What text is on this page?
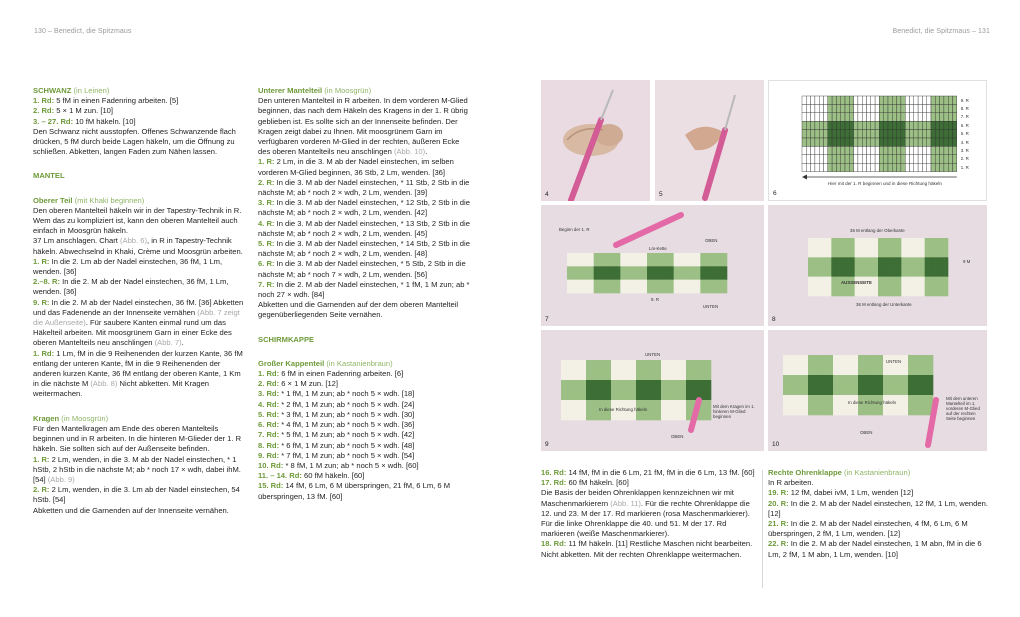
130 – Benedict, die Spitzmaus	Benedict, die Spitzmaus – 131

SCHWANZ (in Leinen)

1. Rd: 5 fM in einen Fadenring arbeiten. [5]

2. Rd: 5 × 1 M zun. [10]

3. – 27. Rd: 10 fM häkeln. [10]

Den Schwanz nicht ausstopfen. Offenes Schwanzende flach drücken, 5 fM durch beide Lagen häkeln, um die Öffnung zu schließen. Abketten, langen Faden zum Nähen lassen.

MANTEL

Oberer Teil (mit Khaki beginnen)

Den oberen Mantelteil häkeln wir in der Tapestry-Technik in R. Wem das zu kompliziert ist, kann den oberen Mantelteil auch einfach in Moosgrün häkeln.

37 Lm anschlagen. Chart (Abb. 6), in R in Tapestry-Technik häkeln. Abwechselnd in Khaki, Crème und Moosgrün arbeiten.

1. R: In die 2. Lm ab der Nadel einstechen, 36 fM, 1 Lm, wenden. [36]

2.–8. R: In die 2. M ab der Nadel einstechen, 36 fM, 1 Lm, wenden. [36]

9. R: In die 2. M ab der Nadel einstechen, 36 fM. [36] Abketten und das Fadenende an der Innenseite vernähen (Abb. 7 zeigt die Außenseite). Für saubere Kanten einmal rund um das Häkelteil arbeiten. Mit moosgrünem Garn in einer Ecke des oberen Mantelteils neu anschlingen (Abb. 7).

1. Rd: 1 Lm, fM in die 9 Reihenenden der kurzen Kante, 36 fM entlang der unteren Kante, fM in die 9 Reihenenden der anderen kurzen Kante, 36 fM entlang der oberen Kante, 1 Km in die nächste M (Abb. 8) Nicht abketten. Mit Kragen weitermachen.

Kragen (in Moosgrün)

Für den Mantelkragen am Ende des oberen Mantelteils beginnen und in R arbeiten. In die hinteren M-Glieder der 1. R häkeln. Sie sollten sich auf der Außenseite befinden.

1. R: 2 Lm, wenden, in die 3. M ab der Nadel einstechen, * 1 hStb, 2 hStb in die nächste M; ab * noch 17 × wdh, dabei ihM. [54] (Abb. 9)

2. R: 2 Lm, wenden, in die 3. Lm ab der Nadel einstechen, 54 hStb. [54]

Abketten und die Garnenden auf der Innenseite vernähen.

Unterer Mantelteil (in Moosgrün)

Den unteren Mantelteil in R arbeiten. In dem vorderen M-Glied beginnen, das nach dem Häkeln des Kragens in der 1. R übrig geblieben ist. Es sollte sich an der Innenseite befinden. Der Kragen zeigt dabei zu Ihnen. Mit moosgrünem Garn im verfügbaren vorderen M-Glied in der rechten, äußeren Ecke des oberen Mantelteils neu anschlingen (Abb. 10).

1. R: 2 Lm, in die 3. M ab der Nadel einstechen, im selben vorderen M-Glied beginnen, 36 Stb, 2 Lm, wenden. [36]

2. R: In die 3. M ab der Nadel einstechen, * 11 Stb, 2 Stb in die nächste M; ab * noch 2 × wdh, 2 Lm, wenden. [39]

3. R: In die 3. M ab der Nadel einstechen, * 12 Stb, 2 Stb in die nächste M; ab * noch 2 × wdh, 2 Lm, wenden. [42]

4. R: In die 3. M ab der Nadel einstechen, * 13 Stb, 2 Stb in die nächste M; ab * noch 2 × wdh, 2 Lm, wenden. [45]

5. R: In die 3. M ab der Nadel einstechen, * 14 Stb, 2 Stb in die nächste M; ab * noch 2 × wdh, 2 Lm, wenden. [48]

6. R: In die 3. M ab der Nadel einstechen, * 5 Stb, 2 Stb in die nächste M; ab * noch 7 × wdh, 2 Lm, wenden. [56]

7. R: In die 2. M ab der Nadel einstechen, * 1 fM, 1 M zun; ab * noch 27 × wdh. [84]

Abketten und die Garnenden auf der dem oberen Mantelteil gegenüberliegenden Seite vernähen.

SCHIRMKAPPE

Großer Kappenteil (in Kastanienbraun)

1. Rd: 6 fM in einen Fadenring arbeiten. [6]

2. Rd: 6 × 1 M zun. [12]

3. Rd: * 1 fM, 1 M zun; ab * noch 5 × wdh. [18]

4. Rd: * 2 fM, 1 M zun; ab * noch 5 × wdh. [24]

5. Rd: * 3 fM, 1 M zun; ab * noch 5 × wdh. [30]

6. Rd: * 4 fM, 1 M zun; ab * noch 5 × wdh. [36]

7. Rd: * 5 fM, 1 M zun; ab * noch 5 × wdh. [42]

8. Rd: * 6 fM, 1 M zun; ab * noch 5 × wdh. [48]

9. Rd: * 7 fM, 1 M zun; ab * noch 5 × wdh. [54]

10. Rd: * 8 fM, 1 M zun; ab * noch 5 × wdh. [60]

11. – 14. Rd: 60 fM häkeln. [60]

15. Rd: 14 fM, 6 Lm, 6 M überspringen, 21 fM, 6 Lm, 6 M überspringen, 13 fM. [60]

16. Rd: 14 fM, fM in die 6 Lm, 21 fM, fM in die 6 Lm, 13 fM. [60]

17. Rd: 60 fM häkeln. [60]

Die Basis der beiden Ohrenklappen kennzeichnen wir mit Maschenmarkierern (Abb. 11). Für die rechte Ohrenklappe die 12. und 23. M der 17. Rd markieren (rosa Maschenmarkierer). Für die linke Ohrenklappe die 40. und 51. M der 17. Rd markieren (weiße Maschenmarkierer).

18. Rd: 11 fM häkeln. [11] Restliche Maschen nicht bearbeiten. Nicht abketten. Mit der rechten Ohrenklappe weitermachen.

Rechte Ohrenklappe (in Kastanienbraun)

In R arbeiten.

19. R: 12 fM, dabei ivM, 1 Lm, wenden [12]

20. R: In die 2. M ab der Nadel einstechen, 12 fM, 1 Lm, wenden. [12]

21. R: In die 2. M ab der Nadel einstechen, 4 fM, 6 Lm, 6 M überspringen, 2 fM, 1 Lm, wenden. [12]

22. R: In die 2. M ab der Nadel einstechen, 1 M abn, fM in die 6 Lm, 2 fM, 1 M abn, 1 Lm, wenden. [10]

4	5
9. R
8. R
7. R
6. R
5. R
4. R
3. R
2. R
1. R
Hier mit der 1. R beginnen und in diese Richtung häkeln
6
Beginn der 1. R
Lm-Kette
OBEN
9. R
UNTEN
7
36 M entlang der Oberkante
9 M
AUSSENSEITE
36 M entlang der Unterkante
8
UNTEN
In diese Richtung häkeln
Mit dem Kragen im 1. hinteren M-Glied beginnen
OBEN
9
UNTEN
In diese Richtung häkeln
Mit dem unteren Mantelteil im 1. vorderen M-Glied auf der rechten Seite beginnen
OBEN
10
